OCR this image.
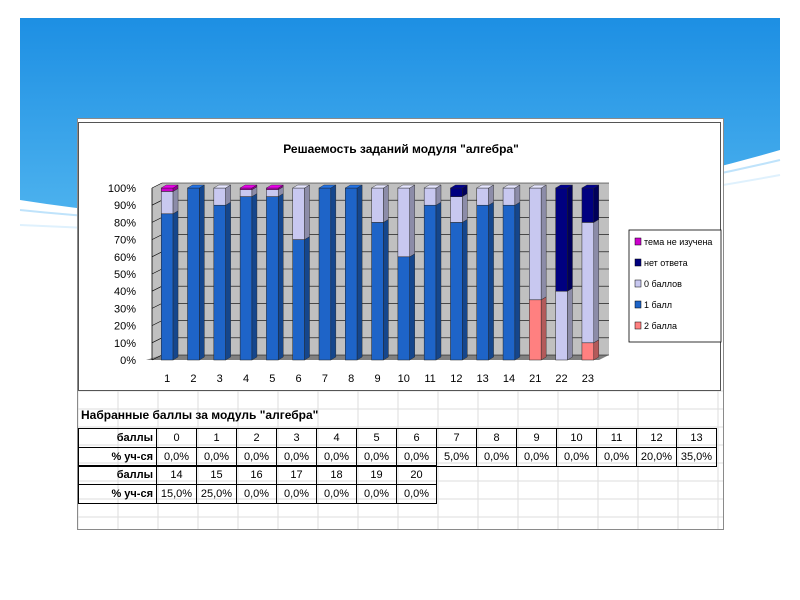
Решаемость заданий модуля "алгебра"
0%
10%
20%
30%
40%
50%
60%
70%
80%
90%
100%
1 2 3 4 5 6 7 8 9 10 11 12 13 14 21 22 23
тема не изучена
нет ответа
0 баллов
1 балл
2 балла
Набранные баллы за модуль "алгебра"
баллы	0	1	2	3	4	5	6	7	8	9	10	11	12	13
% уч-ся	0,0%	0,0%	0,0%	0,0%	0,0%	0,0%	0,0%	5,0%	0,0%	0,0%	0,0%	0,0%	20,0%	35,0%
баллы	14	15	16	17	18	19	20
% уч-ся	15,0%	25,0%	0,0%	0,0%	0,0%	0,0%	0,0%
